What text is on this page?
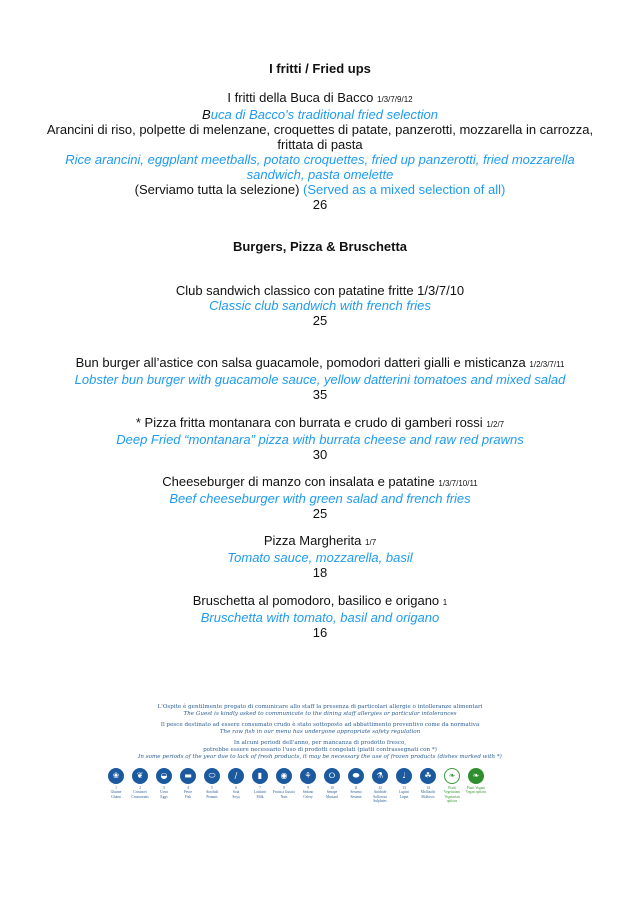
I fritti / Fried ups
I fritti della Buca di Bacco 1/3/7/9/12
Buca di Bacco's traditional fried selection
Arancini di riso, polpette di melenzane, croquettes di patate, panzerotti, mozzarella in carrozza, frittata di pasta
Rice arancini, eggplant meetballs, potato croquettes, fried up panzerotti, fried mozzarella sandwich, pasta omelette
(Serviamo tutta la selezione) (Served as a mixed selection of all)
26
Burgers, Pizza & Bruschetta
Club sandwich classico con patatine fritte 1/3/7/10
Classic club sandwich with french fries
25
Bun burger all’astice con salsa guacamole, pomodori datteri gialli e misticanza 1/2/3/7/11
Lobster bun burger with guacamole sauce, yellow datterini tomatoes and mixed salad
35
* Pizza fritta montanara con burrata e crudo di gamberi rossi 1/2/7
Deep Fried “montanara” pizza with burrata cheese and raw red prawns
30
Cheeseburger di manzo con insalata e patatine 1/3/7/10/11
Beef cheeseburger with green salad and french fries
25
Pizza Margherita 1/7
Tomato sauce, mozzarella, basil
18
Bruschetta al pomodoro, basilico e origano 1
Bruschetta with tomato, basil and origano
16
L'Ospite è gentilmente pregato di comunicare allo staff la presenza di particolari allergie o intolleranze alimentari
The Guest is kindly asked to communicate to the dining staff allergies or particular intolerances
Il pesce destinato ad essere consumato crudo è stato sottoposto ad abbattimento preventivo come da normativa
The raw fish in our menu has undergone appropriate safety regulation
In alcuni periodi dell'anno, per mancanza di prodotto fresco,
potrebbe essere necessario l'uso di prodotti congelati (piatti contrassegnati con *)
In some periods of the year due to lack of fresh products, it may be necessary the use of frozen products (dishes marked with *)
❀
1
Glutine
Gluten
❦
2
Crostacei
Crustaceans
◒
3
Uova
Eggs
▬
4
Pesce
Fish
⬭
5
Arachidi
Peanuts
∕
6
Soia
Soya
▮
7
Latticini
Milk
◉
8
Frutta a Guscio
Nuts
⚘
9
Sedano
Celery
⭘
10
Senape
Mustard
⬬
11
Sesamo
Sesame
⚗
12
Anidride Solforosa
Sulphites
♩
13
Lupini
Lupin
☘
14
Molluschi
Molluscs
❧
Piatti Vegetariani
Vegetarian options
❧
Piatti Vegani
Vegan options
